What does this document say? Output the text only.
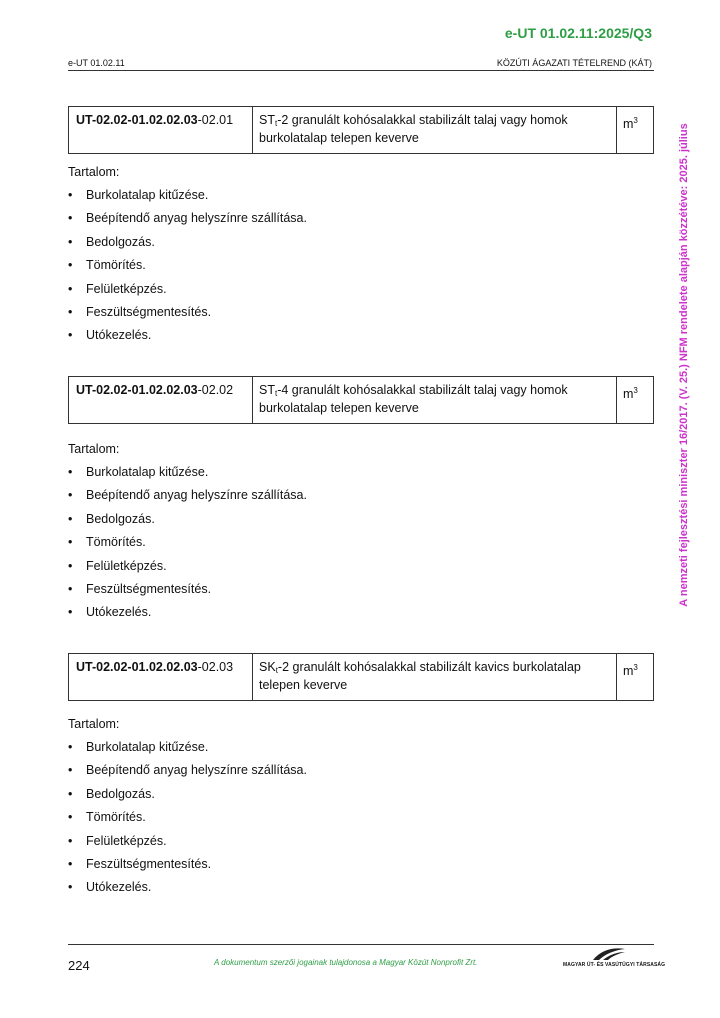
e-UT 01.02.11:2025/Q3
e-UT 01.02.11	KÖZÚTI ÁGAZATI TÉTELREND (KÁT)
A nemzeti fejlesztési miniszter 16/2017. (V. 25.) NFM rendelete alapján közzétéve: 2025. július
UT-02.02-01.02.02.03-02.01	$ST_t-2$ granulált kohósalakkal stabilizált talaj vagy homok burkolatalap telepen keverve	$m^3$
Tartalom:
• Burkolatalap kitűzése.
• Beépítendő anyag helyszínre szállítása.
• Bedolgozás.
• Tömörítés.
• Felületképzés.
• Feszültségmentesítés.
• Utókezelés.
UT-02.02-01.02.02.03-02.02	$ST_t-4$ granulált kohósalakkal stabilizált talaj vagy homok burkolatalap telepen keverve	$m^3$
Tartalom:
• Burkolatalap kitűzése.
• Beépítendő anyag helyszínre szállítása.
• Bedolgozás.
• Tömörítés.
• Felületképzés.
• Feszültségmentesítés.
• Utókezelés.
UT-02.02-01.02.02.03-02.03	$SK_t-2$ granulált kohósalakkal stabilizált kavics burkolatalap telepen keverve	$m^3$
Tartalom:
• Burkolatalap kitűzése.
• Beépítendő anyag helyszínre szállítása.
• Bedolgozás.
• Tömörítés.
• Felületképzés.
• Feszültségmentesítés.
• Utókezelés.
224	A dokumentum szerzői jogainak tulajdonosa a Magyar Közút Nonprofit Zrt.	MAGYAR ÚT- ÉS VASÚTÜGYI TÁRSASÁG
